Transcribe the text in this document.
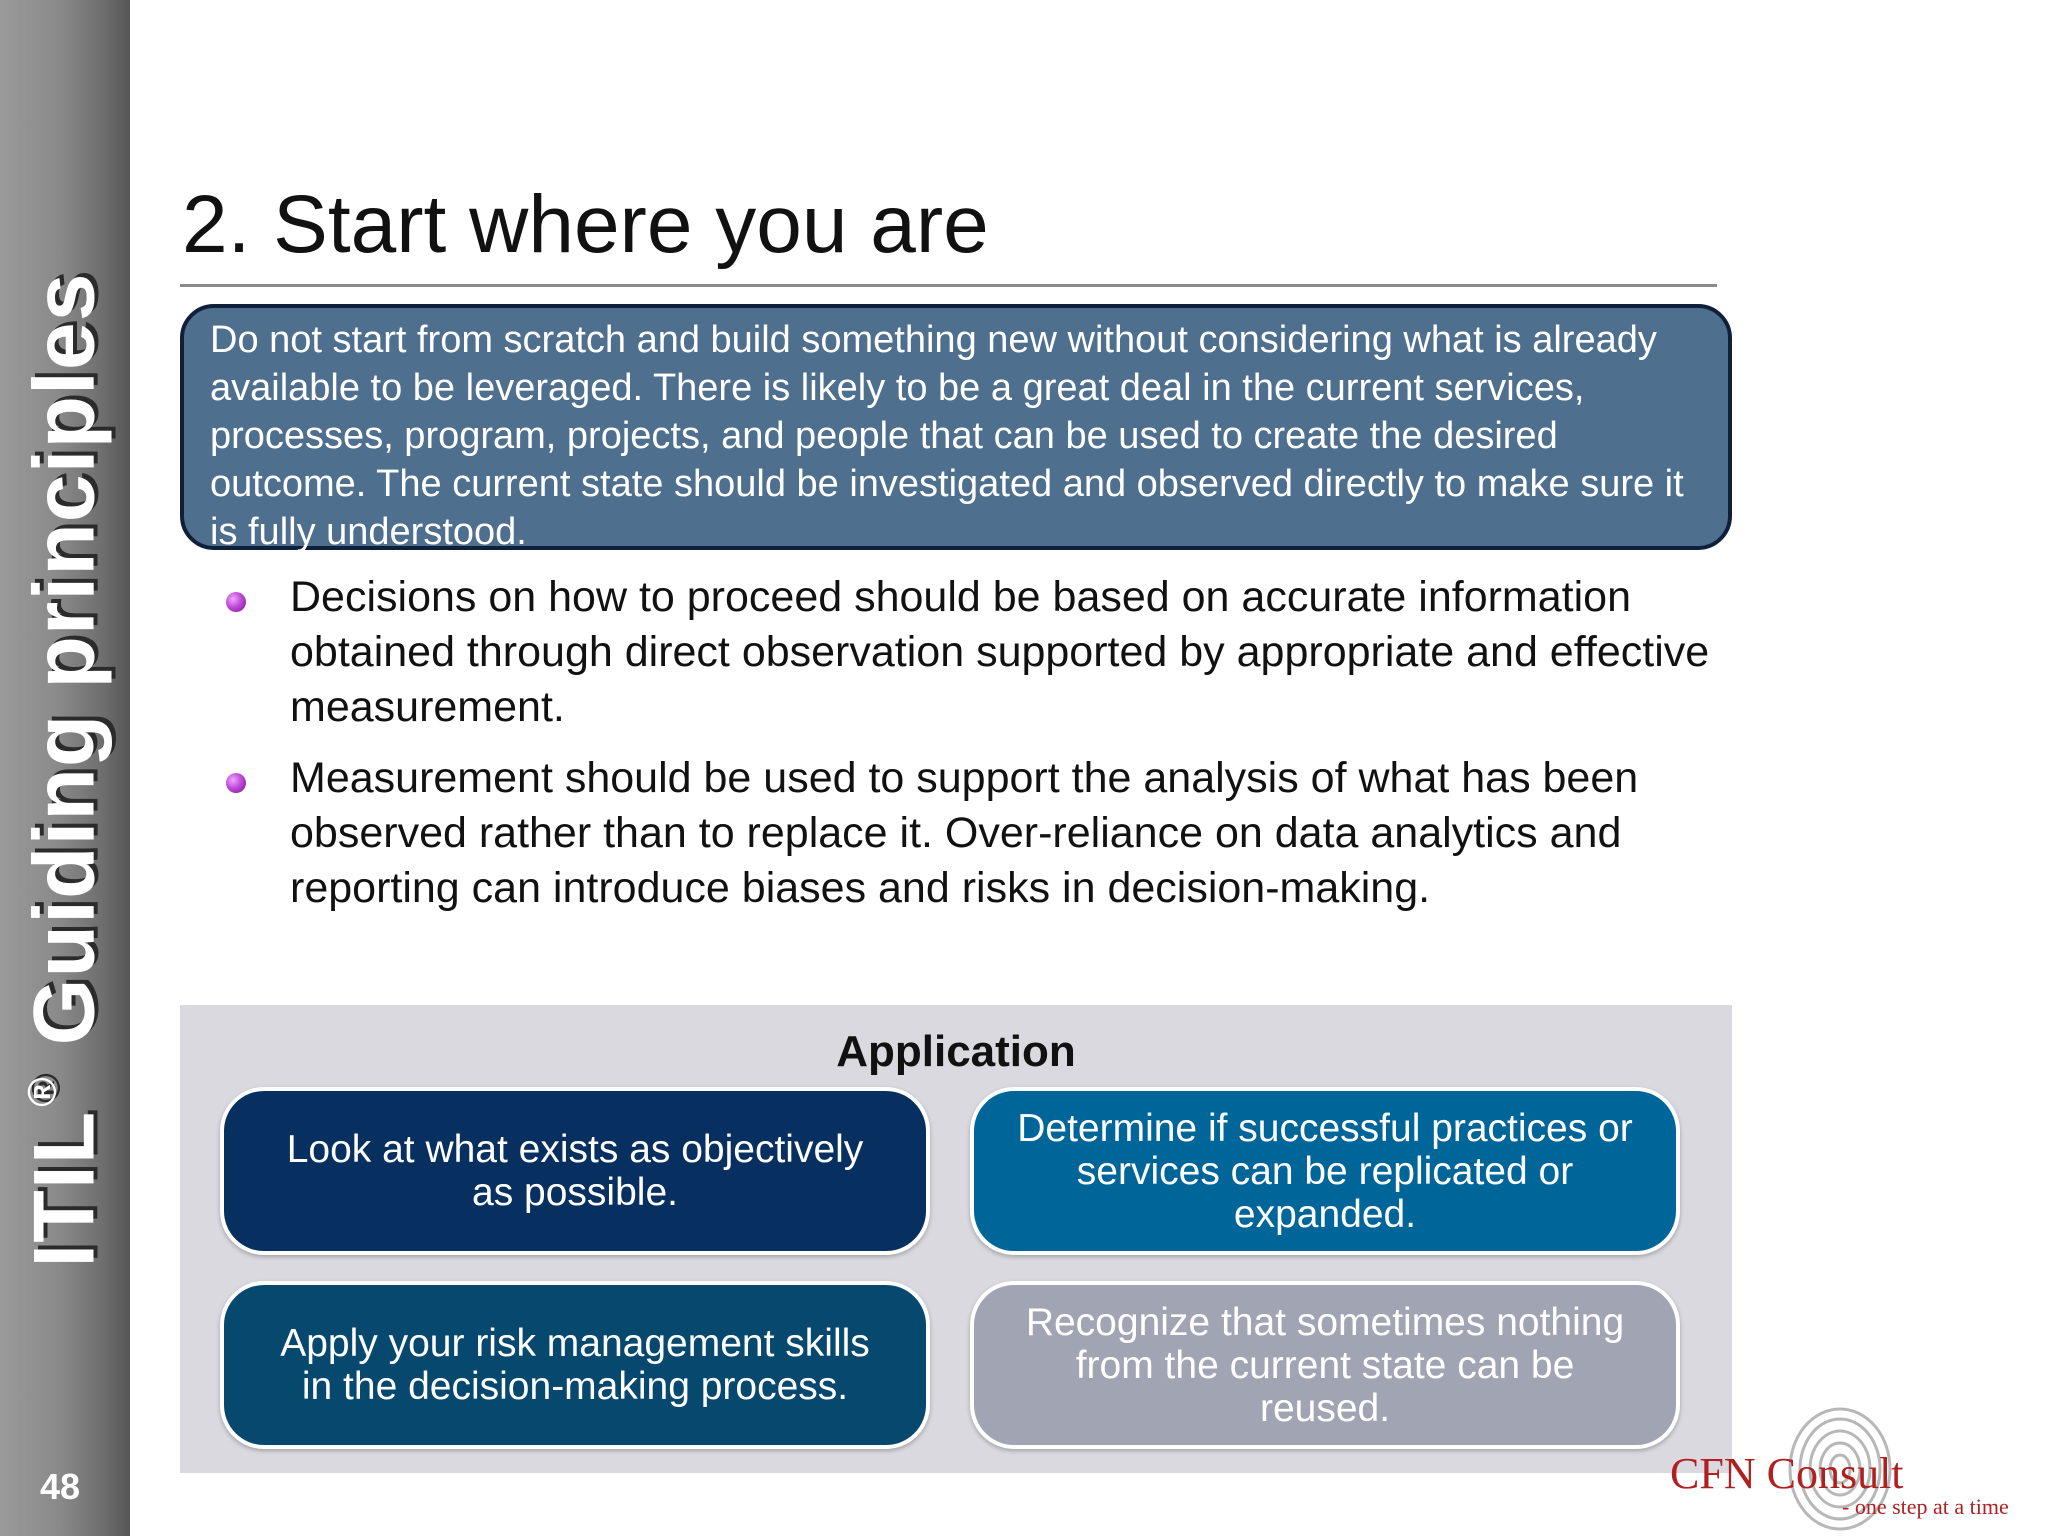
ITIL® Guiding principles
48
2. Start where you are
Do not start from scratch and build something new without considering what is already available to be leveraged. There is likely to be a great deal in the current services, processes, program, projects, and people that can be used to create the desired outcome. The current state should be investigated and observed directly to make sure it is fully understood.
Decisions on how to proceed should be based on accurate information obtained through direct observation supported by appropriate and effective measurement.
Measurement should be used to support the analysis of what has been observed rather than to replace it. Over-reliance on data analytics and reporting can introduce biases and risks in decision-making.
Application
Look at what exists as objectively as possible.
Determine if successful practices or services can be replicated or expanded.
Apply your risk management skills in the decision-making process.
Recognize that sometimes nothing from the current state can be reused.
CFN Consult
- one step at a time
